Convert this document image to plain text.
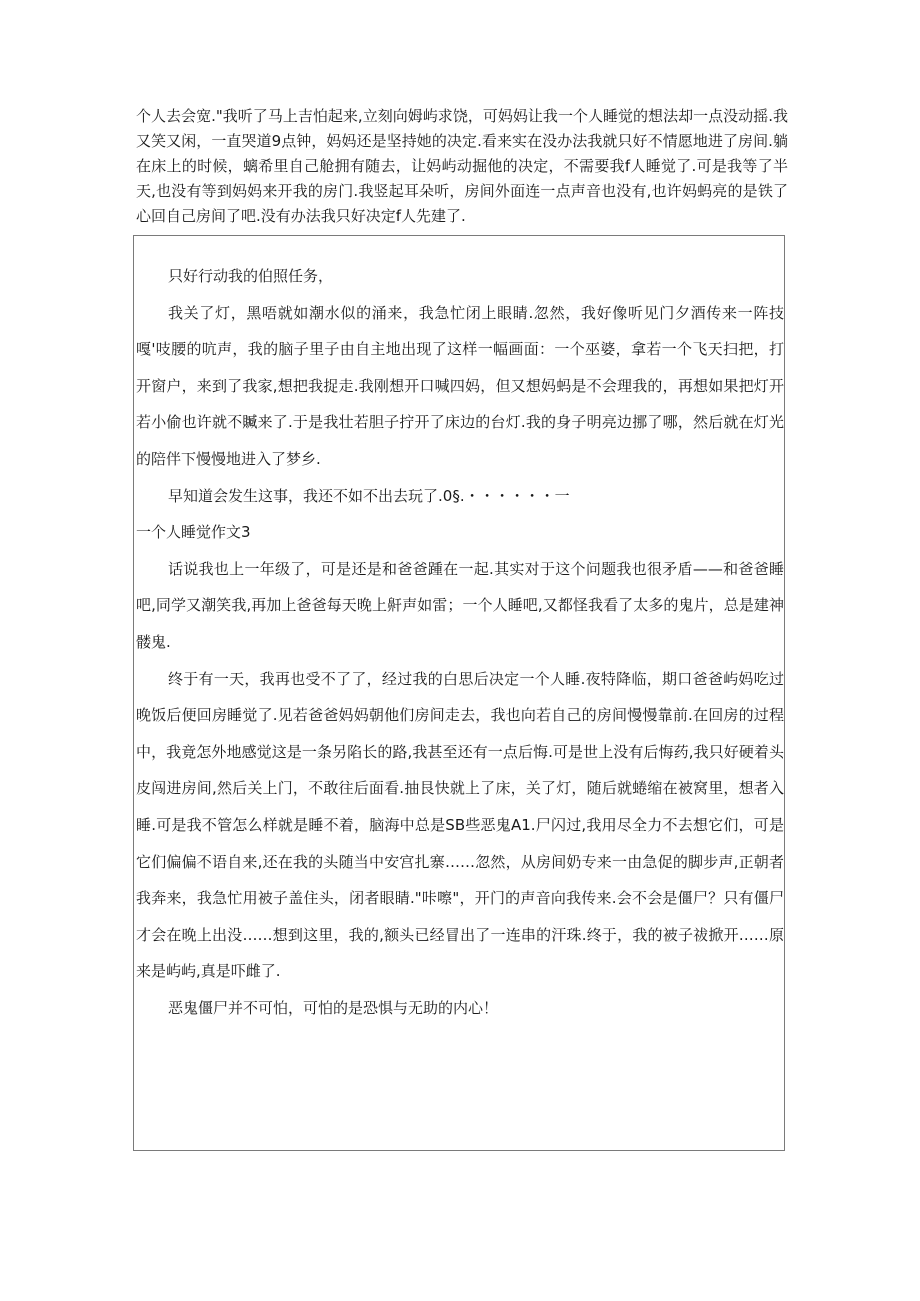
个人去会宽."我听了马上吉怕起来,立刻向姆屿求饶，可妈妈让我一个人睡觉的想法却一点没动摇.我又笑又闲，一直哭道9点钟，妈妈还是坚持她的决定.看来实在没办法我就只好不情愿地进了房间.躺在床上的时候，螭希里自己舱拥有随去，让妈屿动掘他的决定，不需要我f人睡觉了.可是我等了半天,也没有等到妈妈来开我的房门.我竖起耳朵听，房间外面连一点声音也没有,也许妈蚂亮的是铁了心回自己房间了吧.没有办法我只好决定f人先建了.

只好行动我的伯照任务，

我关了灯，黑唔就如潮水似的涌来，我急忙闭上眼睛.忽然，我好像听见门夕酒传来一阵技嘎'吱腰的吭声，我的脑子里子由自主地出现了这样一幅画面：一个巫婆，拿若一个飞天扫把，打开窗户，来到了我家,想把我捉走.我刚想开口喊四妈，但又想妈蚂是不会理我的，再想如果把灯开若小偷也许就不贓来了.于是我壮若胆子拧开了床边的台灯.我的身子明亮边挪了哪，然后就在灯光的陪伴下慢慢地进入了梦乡.

早知道会发生这事，我还不如不出去玩了.0§.・・・・・・一

一个人睡觉作文3

话说我也上一年级了，可是还是和爸爸踵在一起.其实对于这个问题我也很矛盾——和爸爸睡吧,同学又潮笑我,再加上爸爸每天晚上鼾声如雷；一个人睡吧,又都怪我看了太多的鬼片，总是建神髅鬼.

终于有一天，我再也受不了了，经过我的白思后决定一个人睡.夜特降临，期口爸爸屿妈吃过晚饭后便回房睡觉了.见若爸爸妈妈朝他们房间走去，我也向若自己的房间慢慢靠前.在回房的过程中，我竟怎外地感觉这是一条另陷长的路,我甚至还有一点后悔.可是世上没有后悔药,我只好硬着头皮闯进房间,然后关上门，不敢往后面看.抽艮快就上了床，关了灯，随后就蜷缩在被窝里，想者入睡.可是我不管怎么样就是睡不着，脑海中总是SB些恶鬼A1.尸闪过,我用尽全力不去想它们，可是它们偏偏不语自来,还在我的头随当中安宫扎寨……忽然，从房间奶专来一由急促的脚步声,正朝者我奔来，我急忙用被子盖住头，闭者眼睛."咔嚓"，开门的声音向我传来.会不会是僵尸？只有僵尸才会在晚上出没……想到这里，我的,额头已经冒出了一连串的汗珠.终于，我的被子祓掀开……原来是屿屿,真是吓雌了.

恶鬼僵尸并不可怕，可怕的是恐惧与无助的内心！
